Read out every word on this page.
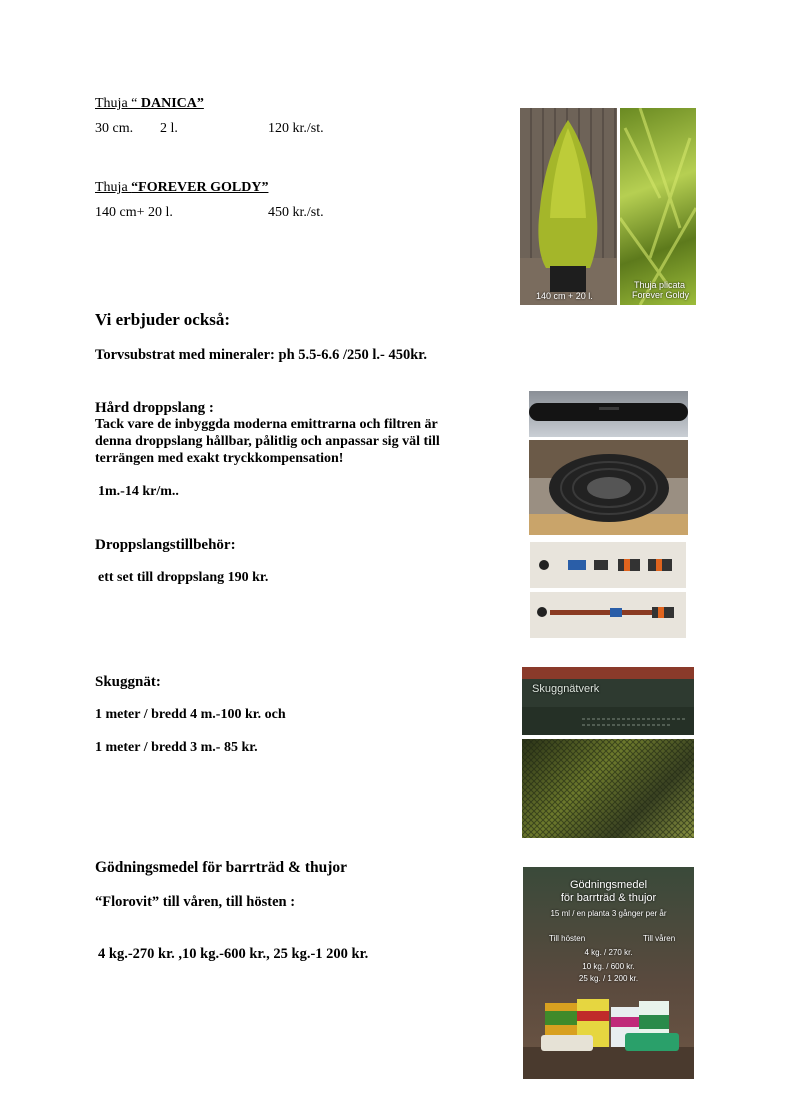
Thuja “ DANICA”
30 cm. 2 l.	120 kr./st.
Thuja “FOREVER GOLDY”
140 cm+ 20 l.	450 kr./st.
140 cm + 20 l.
Thuja plicata
Forever Goldy
Vi erbjuder också:
Torvsubstrat med mineraler: ph 5.5-6.6 /250 l.- 450kr.
Hård droppslang :
Tack vare de inbyggda moderna emittrarna och filtren är
denna droppslang hållbar, pålitlig och anpassar sig väl till
terrängen med exakt tryckkompensation!
1m.-14 kr/m..
Droppslangstillbehör:
ett set till droppslang 190 kr.
Skuggnät:
1 meter / bredd 4 m.-100 kr. och
1 meter / bredd 3 m.- 85 kr.
Skuggnätverk
Gödningsmedel för barrträd & thujor
“Florovit” till våren, till hösten :
4 kg.-270 kr. ,10 kg.-600 kr., 25 kg.-1 200 kr.
Gödningsmedel
för barrträd & thujor
15 ml / en planta 3 gånger per år
Till hösten	Till våren
4 kg. / 270 kr.
10 kg. / 600 kr.
25 kg. / 1 200 kr.
